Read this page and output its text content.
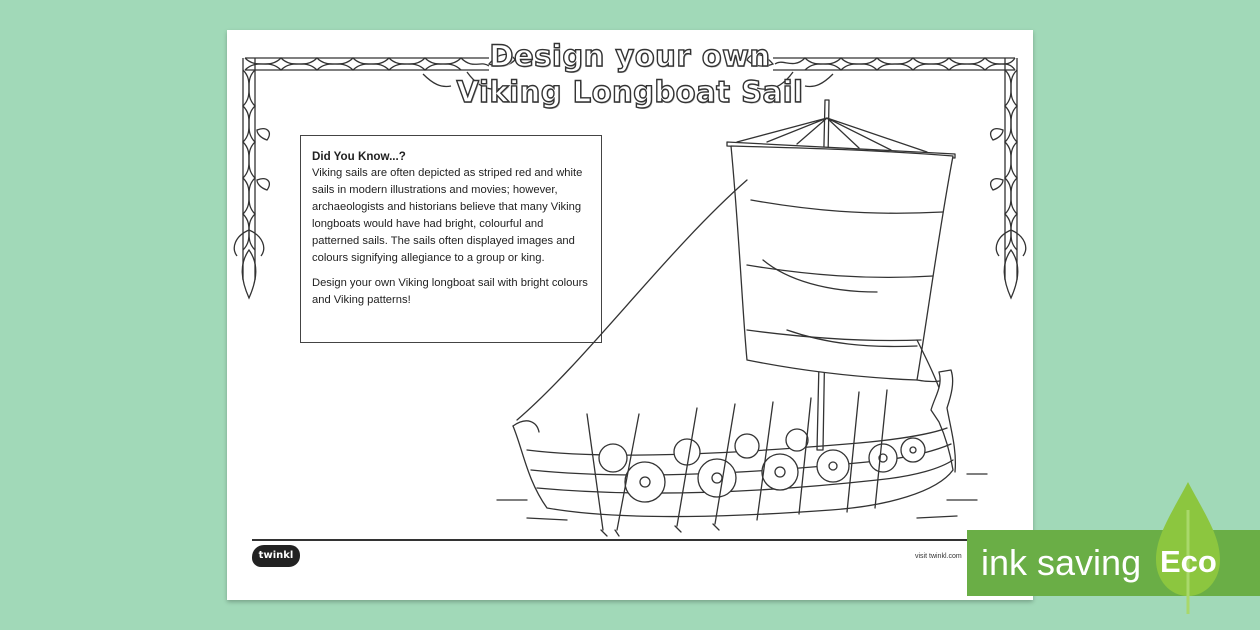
Design your own
Viking Longboat Sail

Did You Know...?

Viking sails are often depicted as striped red and white sails in modern illustrations and movies; however, archaeologists and historians believe that many Viking longboats would have had bright, colourful and patterned sails. The sails often displayed images and colours signifying allegiance to a group or king.

Design your own Viking longboat sail with bright colours and Viking patterns!

twinkl	visit twinkl.com ink saving Eco
